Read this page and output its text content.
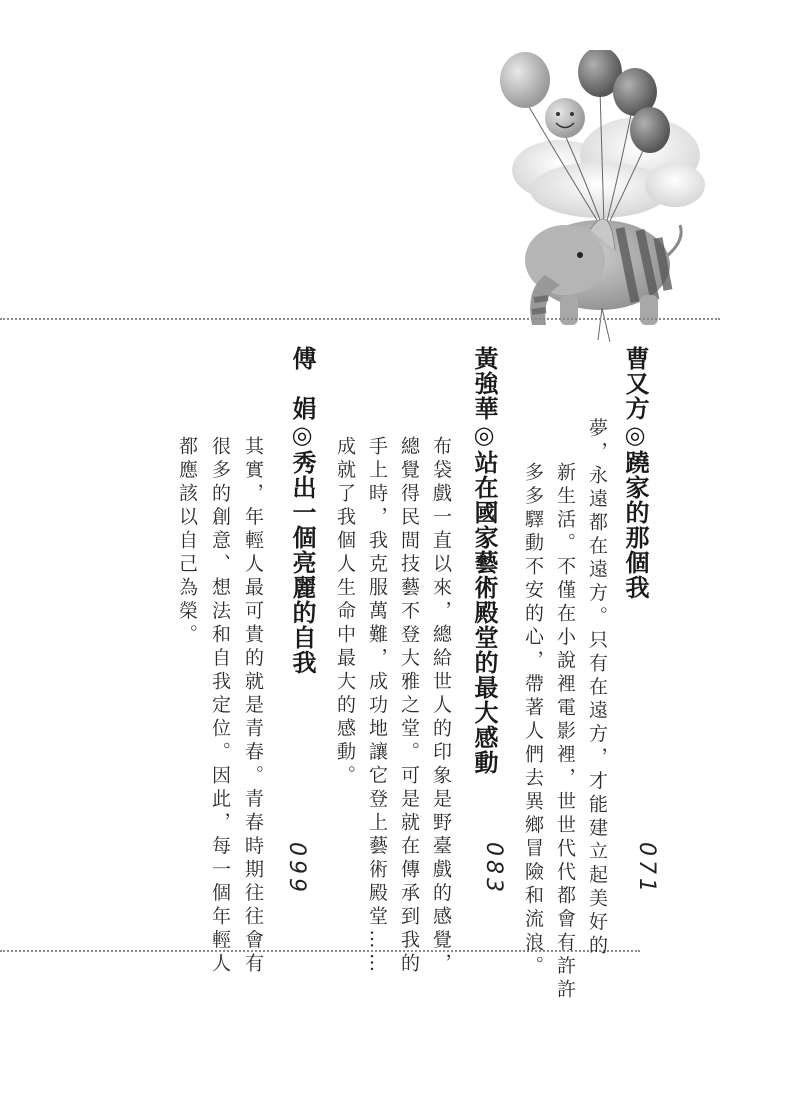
曹又方◎蹺家的那個我
夢，永遠都在遠方。只有在遠方，才能建立起美好的
新生活。不僅在小說裡電影裡，世世代代都會有許許
多多驛動不安的心，帶著人們去異鄉冒險和流浪。	071
黃強華◎站在國家藝術殿堂的最大感動
布袋戲一直以來，總給世人的印象是野臺戲的感覺，
總覺得民間技藝不登大雅之堂。可是就在傳承到我的
手上時，我克服萬難，成功地讓它登上藝術殿堂……
成就了我個人生命中最大的感動。
083
傅　娟◎秀出一個亮麗的自我
其實，年輕人最可貴的就是青春。青春時期往往會有
很多的創意、想法和自我定位。因此，每一個年輕人
都應該以自己為榮。
099
